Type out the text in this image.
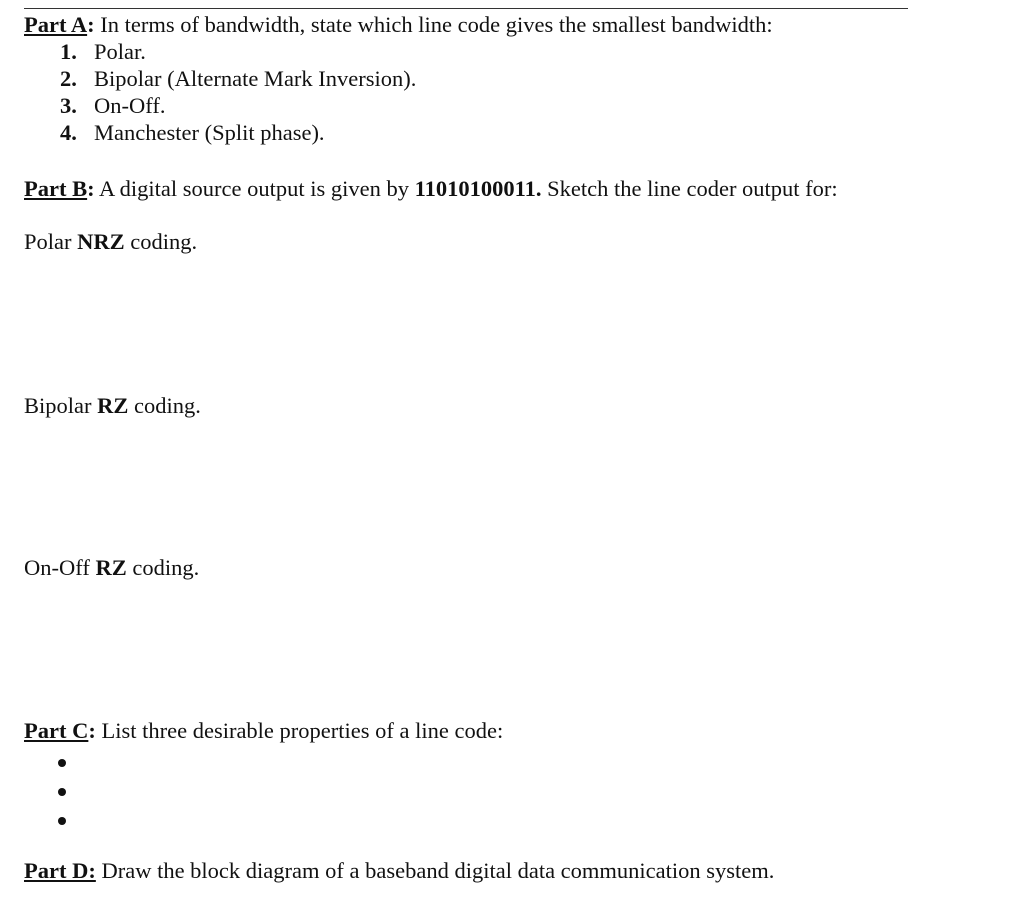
Part A: In terms of bandwidth, state which line code gives the smallest bandwidth:
1. Polar.
2. Bipolar (Alternate Mark Inversion).
3. On-Off.
4. Manchester (Split phase).
Part B: A digital source output is given by 11010100011. Sketch the line coder output for:
Polar NRZ coding.
Bipolar RZ coding.
On-Off RZ coding.
Part C: List three desirable properties of a line code:
Part D: Draw the block diagram of a baseband digital data communication system.
